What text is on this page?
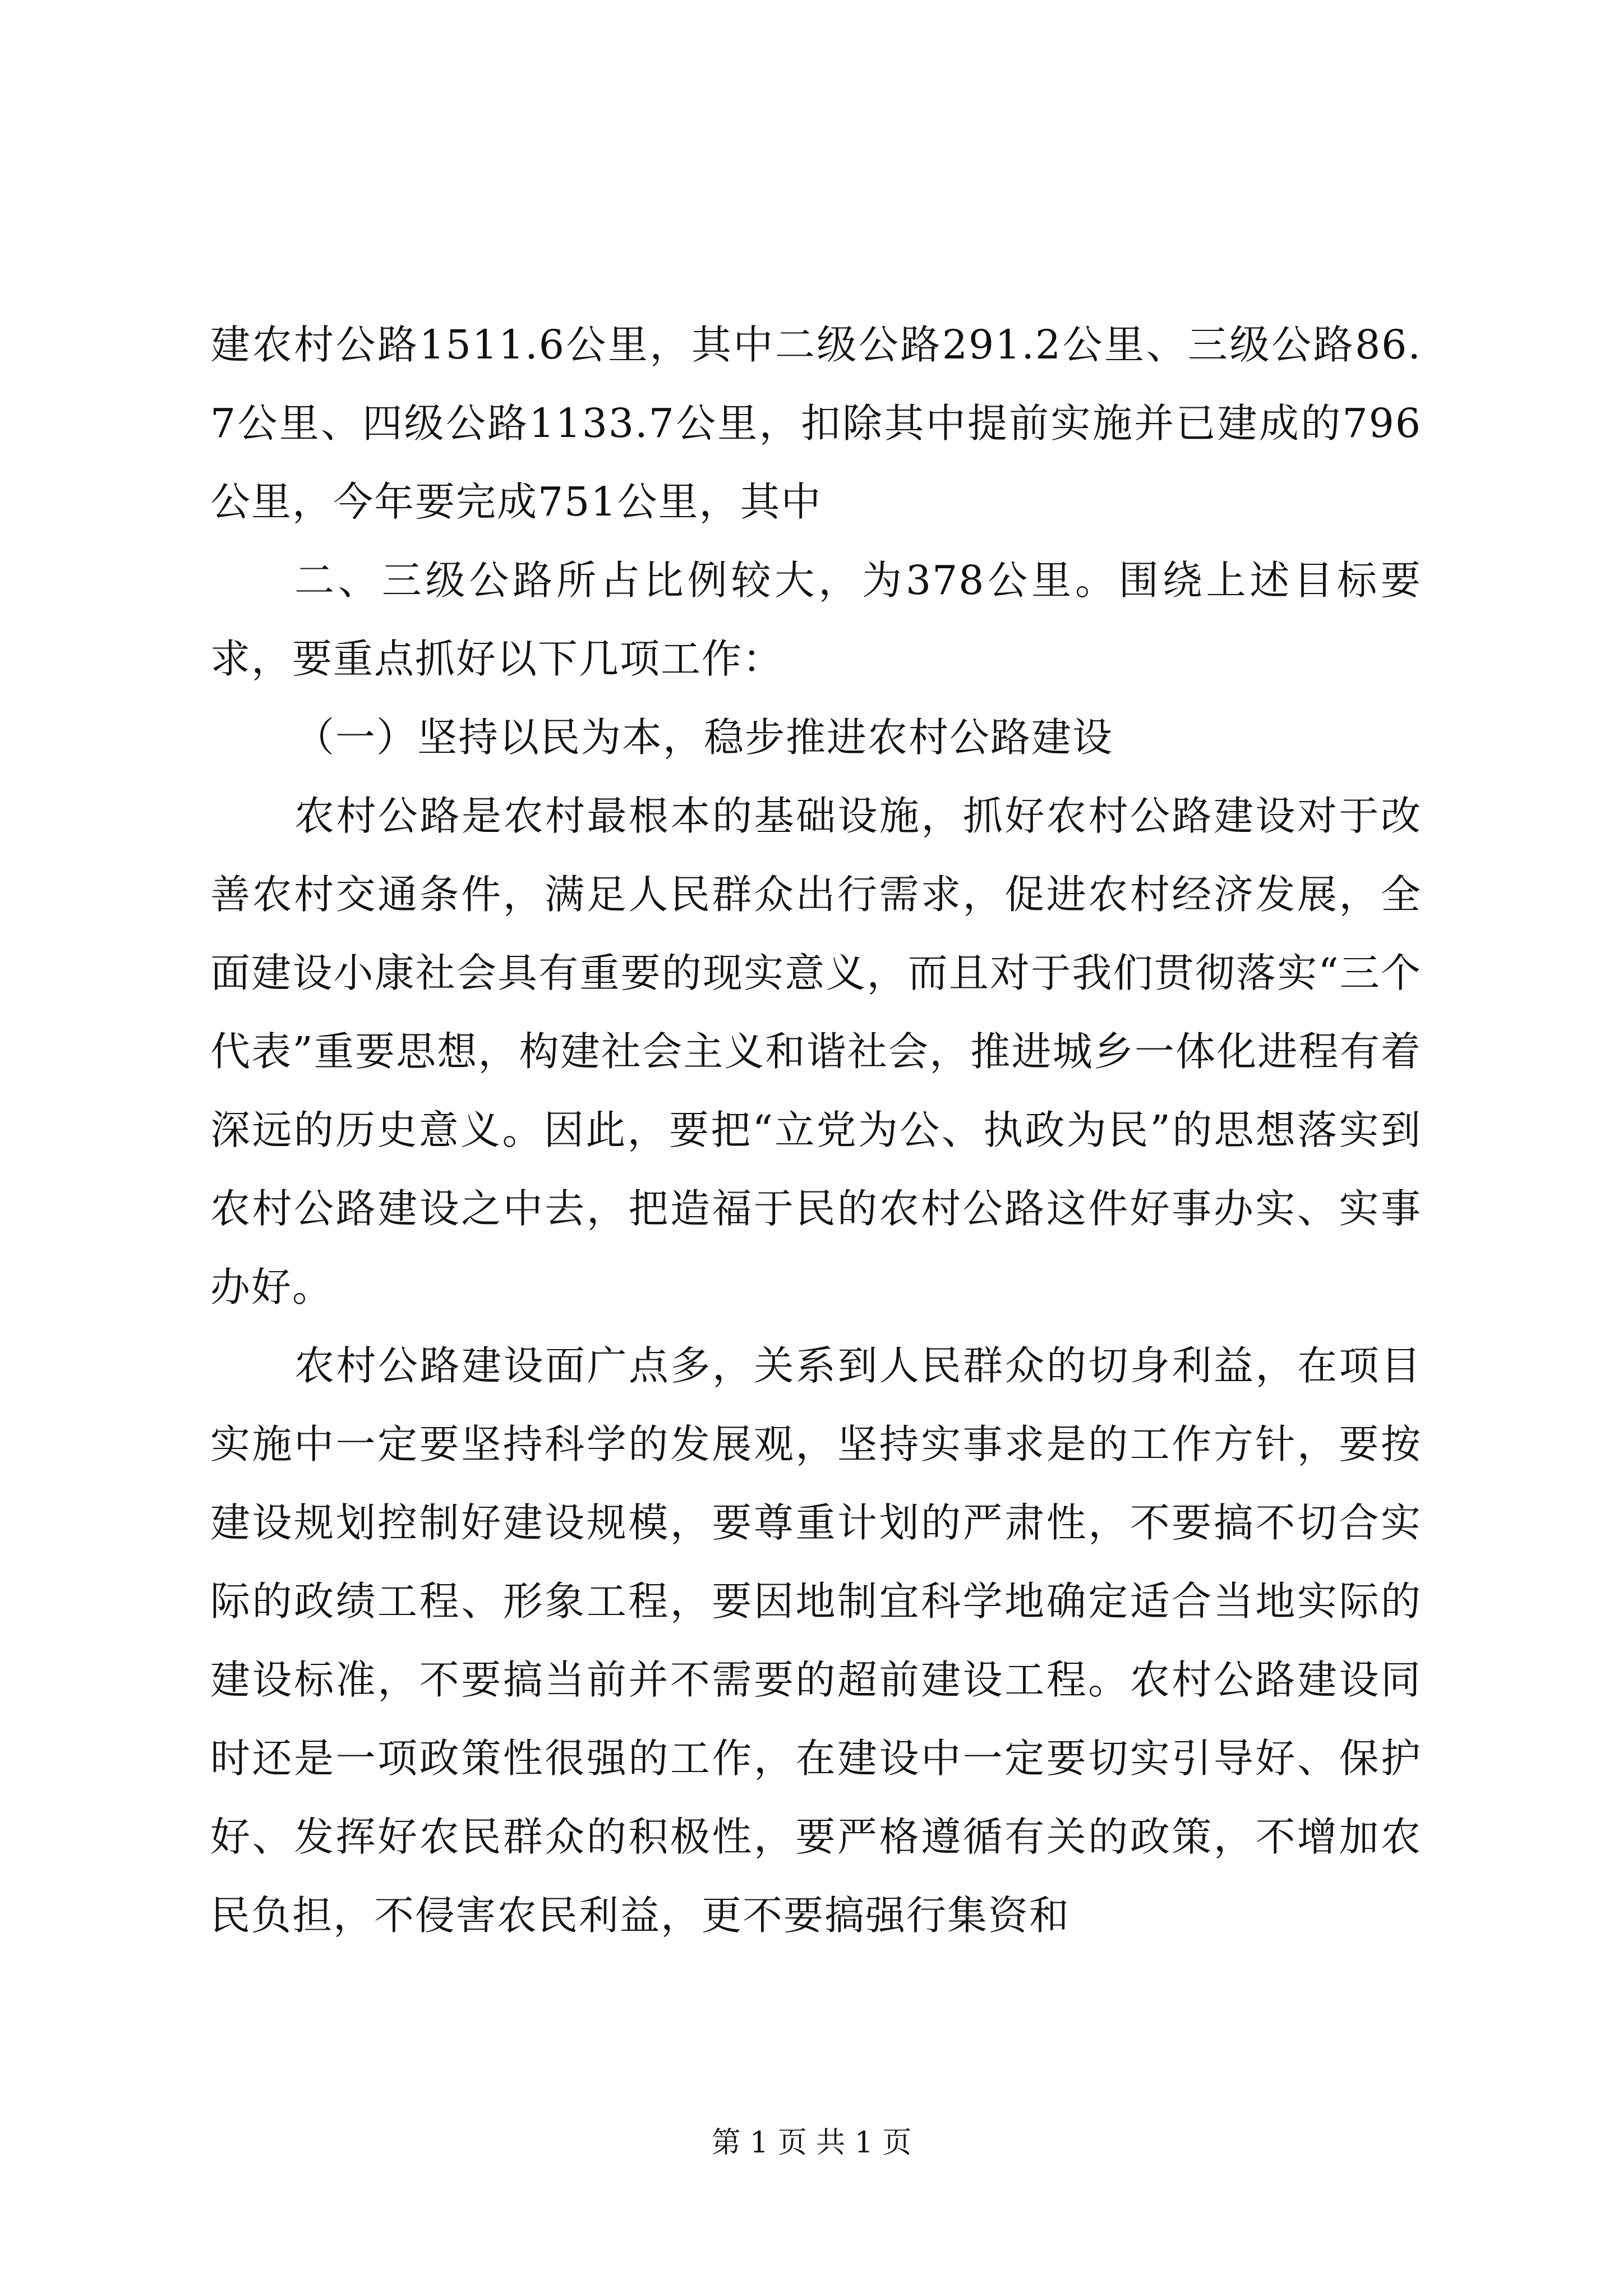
建农村公路1511.6公里，其中二级公路291.2公里、三级公路86.7公里、四级公路1133.7公里，扣除其中提前实施并已建成的796公里，今年要完成751公里，其中

二、三级公路所占比例较大，为378公里。围绕上述目标要求，要重点抓好以下几项工作：

（一）坚持以民为本，稳步推进农村公路建设

农村公路是农村最根本的基础设施，抓好农村公路建设对于改善农村交通条件，满足人民群众出行需求，促进农村经济发展，全面建设小康社会具有重要的现实意义，而且对于我们贯彻落实“三个代表”重要思想，构建社会主义和谐社会，推进城乡一体化进程有着深远的历史意义。因此，要把“立党为公、执政为民”的思想落实到农村公路建设之中去，把造福于民的农村公路这件好事办实、实事办好。

农村公路建设面广点多，关系到人民群众的切身利益，在项目实施中一定要坚持科学的发展观，坚持实事求是的工作方针，要按建设规划控制好建设规模，要尊重计划的严肃性，不要搞不切合实际的政绩工程、形象工程，要因地制宜科学地确定适合当地实际的建设标准，不要搞当前并不需要的超前建设工程。农村公路建设同时还是一项政策性很强的工作，在建设中一定要切实引导好、保护好、发挥好农民群众的积极性，要严格遵循有关的政策，不增加农民负担，不侵害农民利益，更不要搞强行集资和

第 1 页 共 1 页
